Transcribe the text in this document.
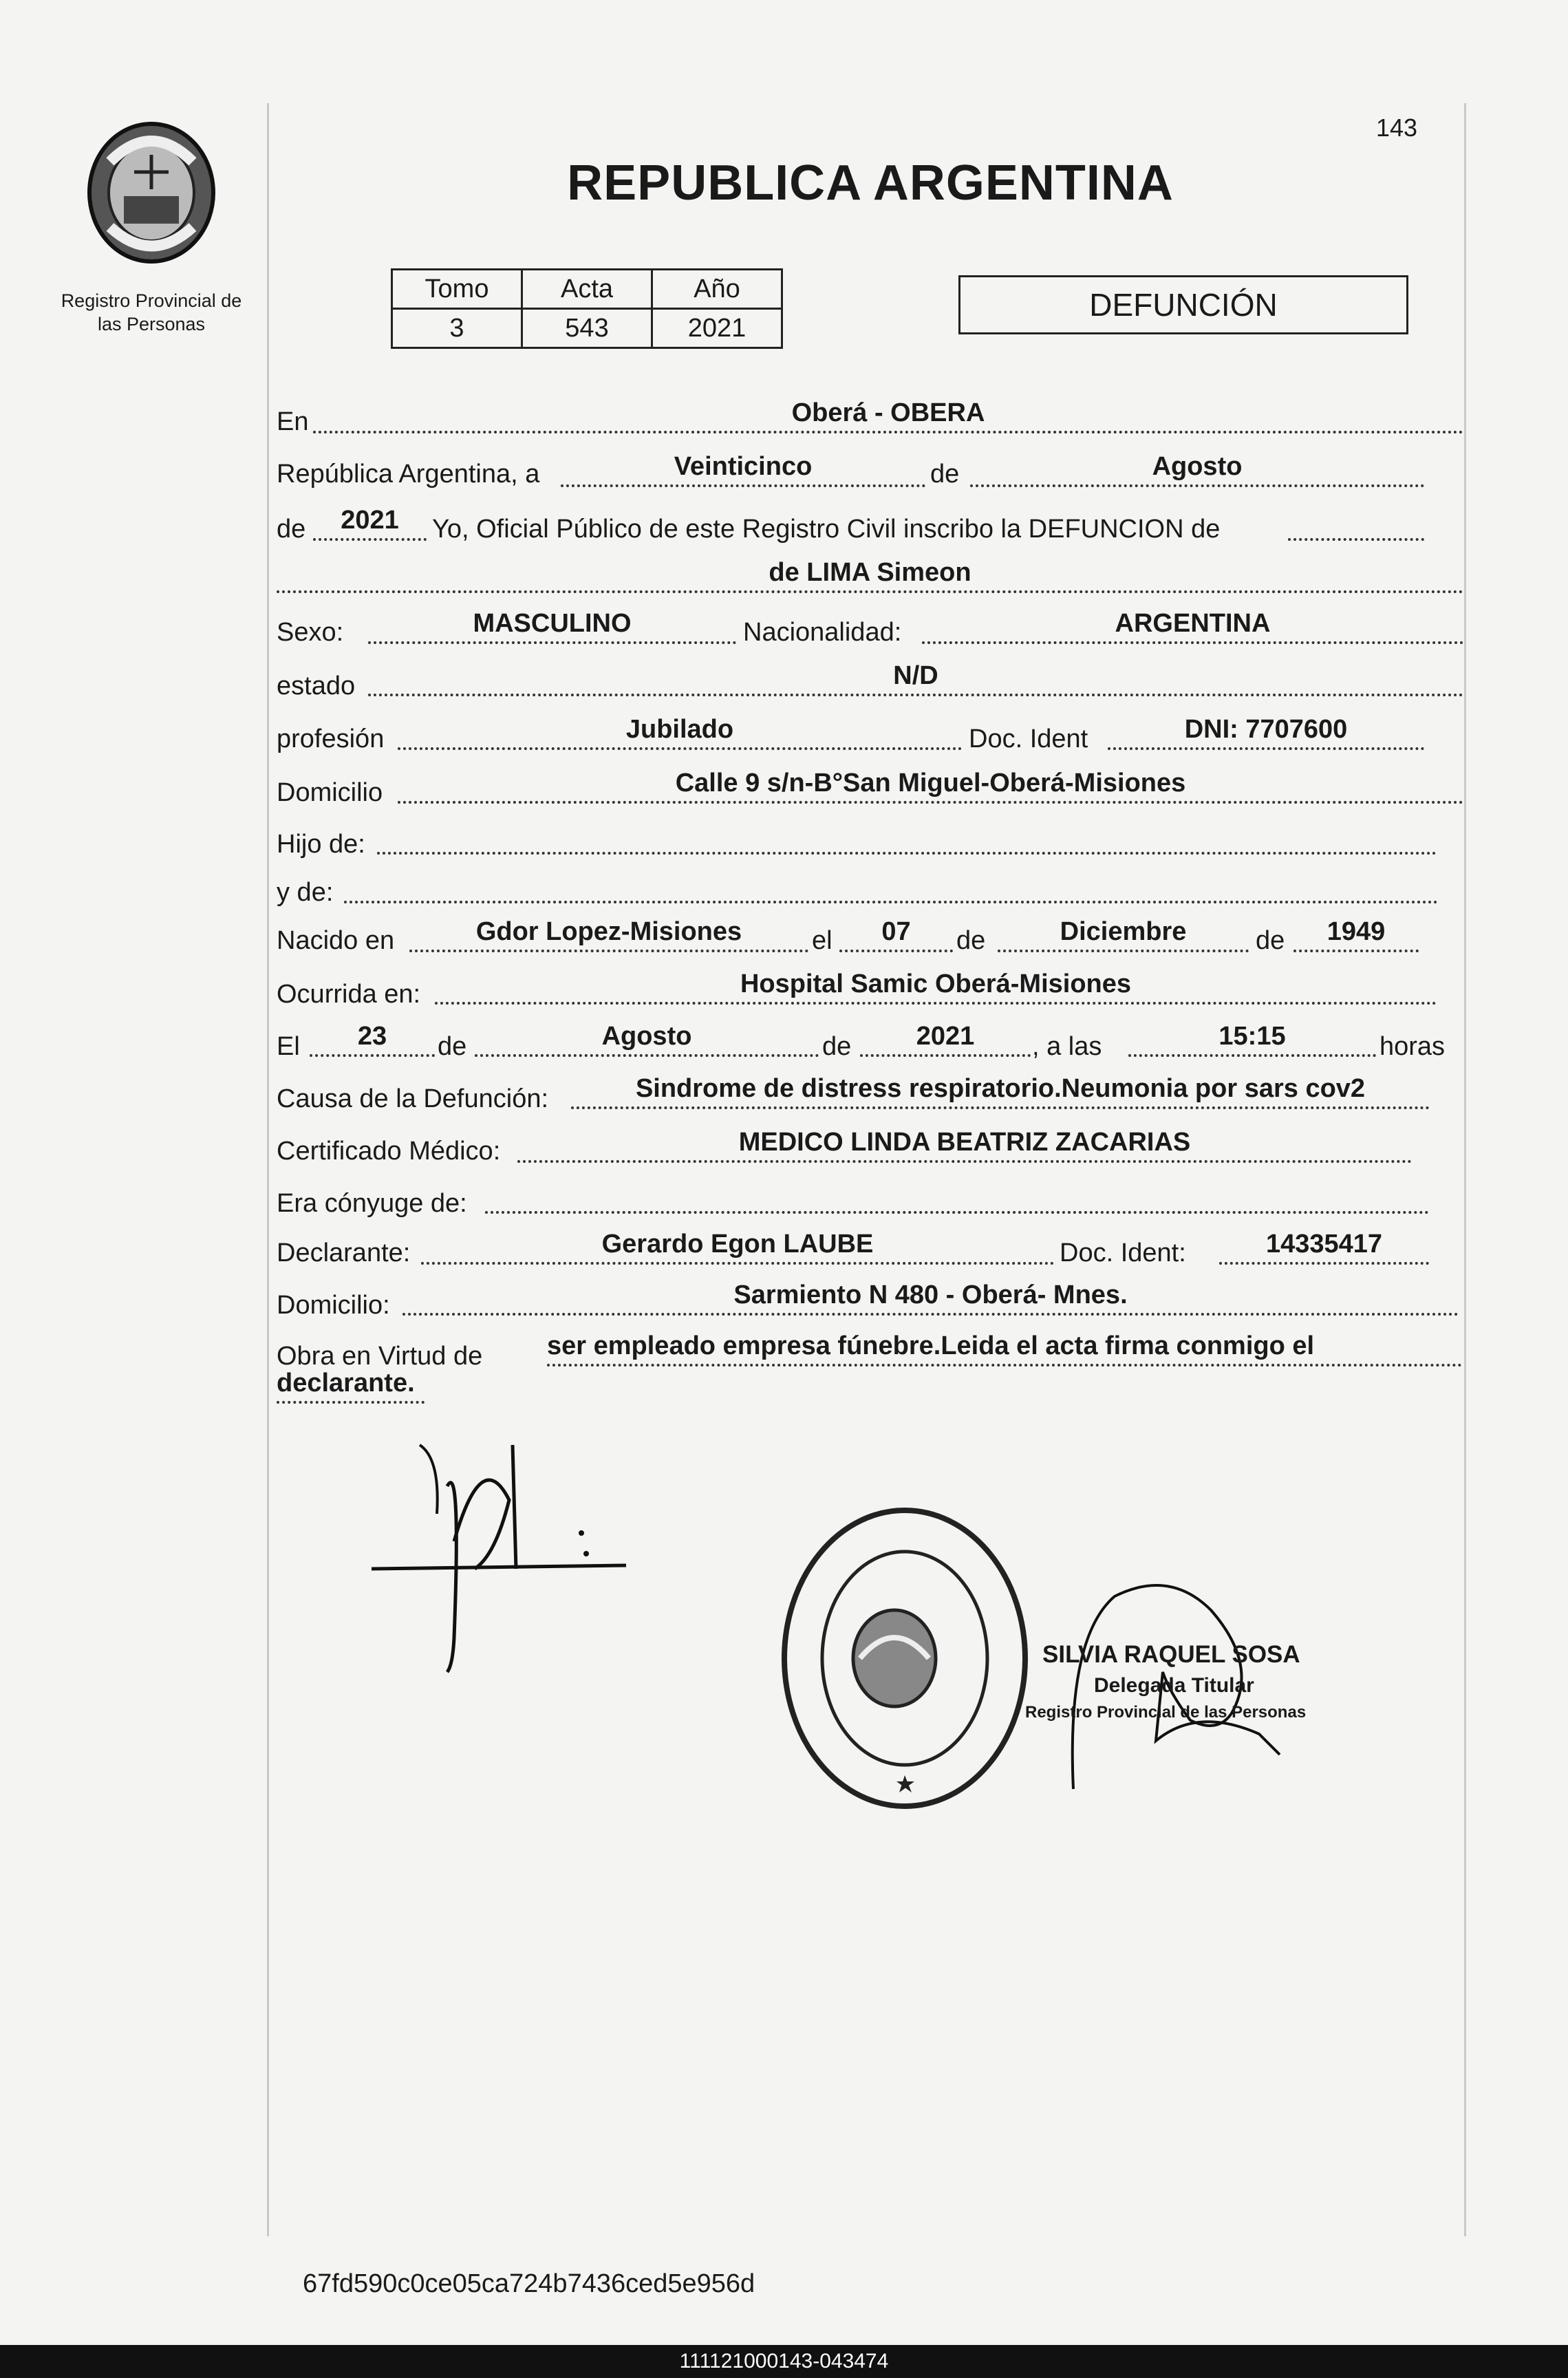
Registro Provincial de
las Personas
143
REPUBLICA ARGENTINA
Tomo	Acta	Año
3	543	2021
DEFUNCIÓN
En	Oberá - OBERA
República Argentina, a	Veinticinco	de	Agosto
de	2021	Yo, Oficial Público de este Registro Civil inscribo la DEFUNCION de
de LIMA Simeon
Sexo:	MASCULINO	Nacionalidad:	ARGENTINA
estado	N/D
profesión	Jubilado	Doc. Ident	DNI: 7707600
Domicilio	Calle 9 s/n-B°San Miguel-Oberá-Misiones
Hijo de:
y de:
Nacido en	Gdor Lopez-Misiones	el	07	de	Diciembre	de	1949
Ocurrida en:	Hospital Samic Oberá-Misiones
El	23	de	Agosto	de	2021	, a las	15:15	horas
Causa de la Defunción:	Sindrome de distress respiratorio.Neumonia por sars cov2
Certificado Médico:	MEDICO LINDA BEATRIZ ZACARIAS
Era cónyuge de:
Declarante:	Gerardo Egon LAUBE	Doc. Ident:	14335417
Domicilio:	Sarmiento N 480 - Oberá- Mnes.
Obra en Virtud de ser empleado empresa fúnebre.Leida el acta firma conmigo el
declarante.
SILVIA RAQUEL SOSA
Delegada Titular
Registro Provincial de las Personas
67fd590c0ce05ca724b7436ced5e956d
111121000143-043474
